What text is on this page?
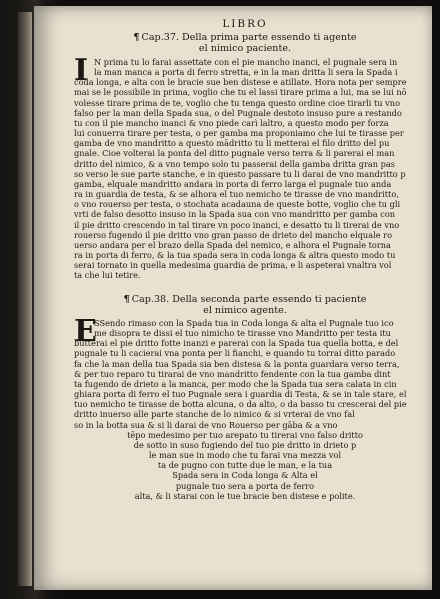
LIBRO
¶ Cap.37. Della prima parte essendo ti agente
el nimico paciente.
I N prima tu lo farai assettate con el pie mancho inanci, el pugnale sera in
la man manca a porta di ferro stretta, e in la man dritta li sera la Spada i
coda longa, e alta con le bracie sue ben distese e atillate. Hora nota per sempre
mai se le possibile in prima, voglio che tu el lassi tirare prima a lui, ma se lui nō
volesse tirare prima de te, voglio che tu tenga questo ordine cioe tirarli tu vno
falso per la man della Spada sua, o del Pugnale destoto insuso pure a restando
tu con il pie mancho inanci & vno piede carì laltro, a questo modo per forza
lui conuerra tirare per testa, o per gamba ma proponiamo che lui te tirasse per
gamba de vno mandritto a questo mādritto tu li metterai el filo dritto del pu
gnale. Cioe volterai la ponta del ditto pugnale verso terra & li parerai el man
dritto del nimico, & a vno tempo solo tu passerai della gamba dritta gran pas
so verso le sue parte stanche, e in questo passare tu li darai de vno mandritto p
gamba, elquale mandritto andara in porta di ferro larga el pugnale tuo anda
ra in guardia de testa, & se alhora el tuo nemicho te tirasse de vno mandritto,
o vno rouerso per testa, o stochata acadauna de queste botte, voglio che tu gli
vrti de falso desotto insuso in la Spada sua con vno mandritto per gamba con
il pie dritto crescendo in tal tirare vn poco inanci, e desatto tu li tirerai de vno
rouerso fugendo il pie dritto vno gran passo de drieto del mancho elquale ro
uerso andara per el brazo della Spada del nemico, e alhora el Pugnale torna
ra in porta di ferro, & la tua spada sera in coda longa & altra questo modo tu
serai tornato in quella medesima guardia de prima, e li aspeterai vnaltra vol
ta che lui tetire.
¶ Cap.38. Della seconda parte essendo ti paciente
el nimico agente.
E
SSendo rimaso con la Spada tua in Coda longa & alta el Pugnale tuo ico
me disopra te dissi el tuo nimicho te tirasse vno Mandritto per testa itu
butterai el pie dritto fotte inanzi e parerai con la Spada tua quella botta, e del
pugnale tu li cacierai vna ponta per li fianchi, e quando tu torrai ditto parado
fa che la man della tua Spada sia ben distesa & la ponta guardara verso terra,
& per tuo reparo tu tirarai de vno mandritto fendente con la tua gamba dint
ta fugendo de drieto a la manca, per modo che la Spada tua sera calata in cin
ghiara porta di ferro el tuo Pugnale sera i guardia di Testa, & se in tale stare, el
tuo nemicho te tirasse de botta alcuna, o da alto, o da basso tu crescerai del pie
dritto inuerso alle parte stanche de lo nimico & si vrterai de vno fal
so in la botta sua & si li darai de vno Rouerso per gāba & a vno
tēpo medesimo per tuo arepato tu tirerai vno falso dritto
de sotto in suso fugiendo del tuo pie dritto in drieto p
le man sue in modo che tu farai vna mezza vol
ta de pugno con tutte due le man, e la tua
Spada sera in Coda longa & Alta el
pugnale tuo sera a porta de ferro
alta, & li starai con le tue bracie ben distese e polite.
